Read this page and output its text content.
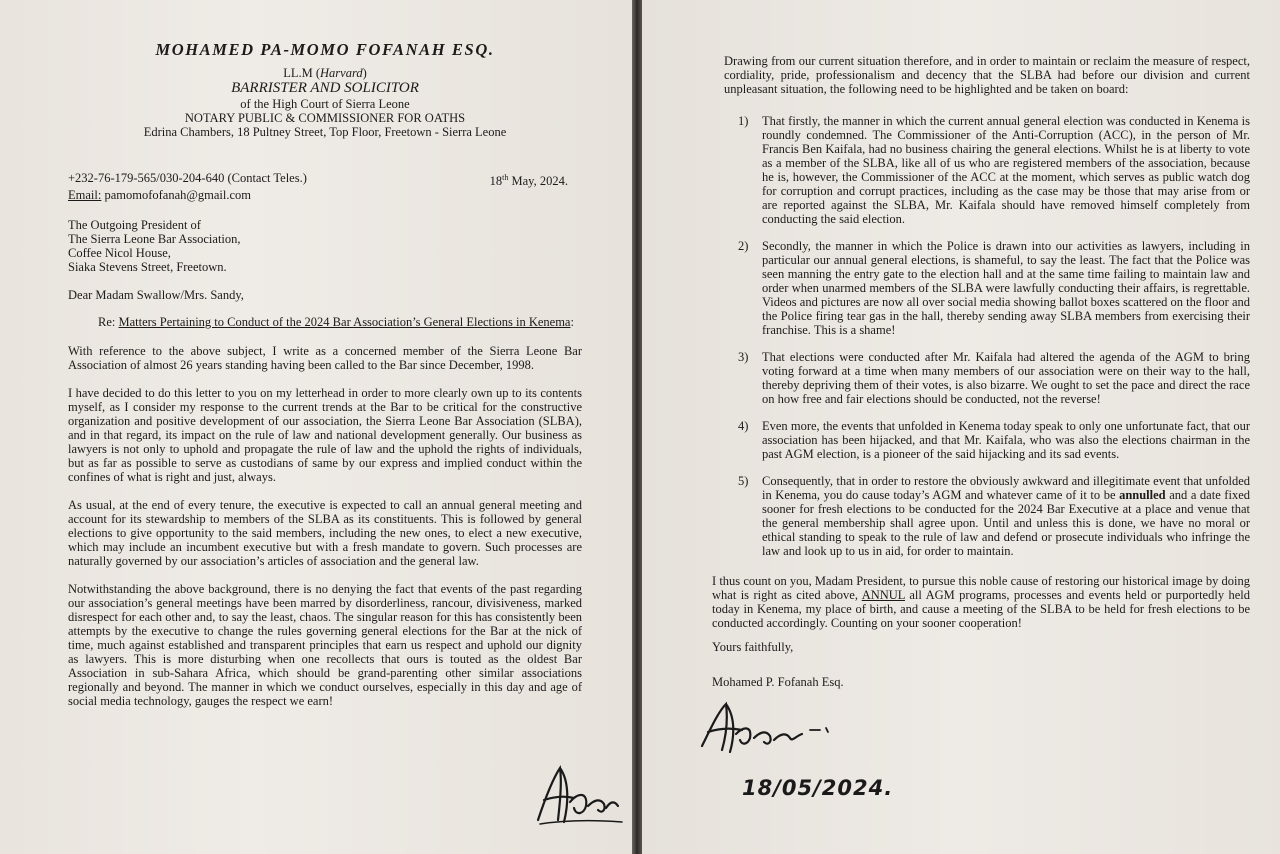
MOHAMED PA-MOMO FOFANAH ESQ.
LL.M (Harvard)
BARRISTER AND SOLICITOR
of the High Court of Sierra Leone
NOTARY PUBLIC & COMMISSIONER FOR OATHS
Edrina Chambers, 18 Pultney Street, Top Floor, Freetown - Sierra Leone
+232-76-179-565/030-204-640 (Contact Teles.)	18th May, 2024.
Email: pamomofofanah@gmail.com
The Outgoing President of
The Sierra Leone Bar Association,
Coffee Nicol House,
Siaka Stevens Street, Freetown.
Dear Madam Swallow/Mrs. Sandy,
Re: Matters Pertaining to Conduct of the 2024 Bar Association’s General Elections in Kenema:

With reference to the above subject, I write as a concerned member of the Sierra Leone Bar Association of almost 26 years standing having been called to the Bar since December, 1998.

I have decided to do this letter to you on my letterhead in order to more clearly own up to its contents myself, as I consider my response to the current trends at the Bar to be critical for the constructive organization and positive development of our association, the Sierra Leone Bar Association (SLBA), and in that regard, its impact on the rule of law and national development generally. Our business as lawyers is not only to uphold and propagate the rule of law and the uphold the rights of individuals, but as far as possible to serve as custodians of same by our express and implied conduct within the confines of what is right and just, always.

As usual, at the end of every tenure, the executive is expected to call an annual general meeting and account for its stewardship to members of the SLBA as its constituents. This is followed by general elections to give opportunity to the said members, including the new ones, to elect a new executive, which may include an incumbent executive but with a fresh mandate to govern. Such processes are naturally governed by our association’s articles of association and the general law.

Notwithstanding the above background, there is no denying the fact that events of the past regarding our association’s general meetings have been marred by disorderliness, rancour, divisiveness, marked disrespect for each other and, to say the least, chaos. The singular reason for this has consistently been attempts by the executive to change the rules governing general elections for the Bar at the nick of time, much against established and transparent principles that earn us respect and uphold our dignity as lawyers. This is more disturbing when one recollects that ours is touted as the oldest Bar Association in sub-Sahara Africa, which should be grand-parenting other similar associations regionally and beyond. The manner in which we conduct ourselves, especially in this day and age of social media technology, gauges the respect we earn!

Drawing from our current situation therefore, and in order to maintain or reclaim the measure of respect, cordiality, pride, professionalism and decency that the SLBA had before our division and current unpleasant situation, the following need to be highlighted and be taken on board:

1)	That firstly, the manner in which the current annual general election was conducted in Kenema is roundly condemned. The Commissioner of the Anti-Corruption (ACC), in the person of Mr. Francis Ben Kaifala, had no business chairing the general elections. Whilst he is at liberty to vote as a member of the SLBA, like all of us who are registered members of the association, because he is, however, the Commissioner of the ACC at the moment, which serves as public watch dog for corruption and corrupt practices, including as the case may be those that may arise from or are reported against the SLBA, Mr. Kaifala should have removed himself completely from conducting the said election.
2)	Secondly, the manner in which the Police is drawn into our activities as lawyers, including in particular our annual general elections, is shameful, to say the least. The fact that the Police was seen manning the entry gate to the election hall and at the same time failing to maintain law and order when unarmed members of the SLBA were lawfully conducting their affairs, is regrettable. Videos and pictures are now all over social media showing ballot boxes scattered on the floor and the Police firing tear gas in the hall, thereby sending away SLBA members from exercising their franchise. This is a shame!
3)	That elections were conducted after Mr. Kaifala had altered the agenda of the AGM to bring voting forward at a time when many members of our association were on their way to the hall, thereby depriving them of their votes, is also bizarre. We ought to set the pace and direct the race on how free and fair elections should be conducted, not the reverse!
4)	Even more, the events that unfolded in Kenema today speak to only one unfortunate fact, that our association has been hijacked, and that Mr. Kaifala, who was also the elections chairman in the past AGM election, is a pioneer of the said hijacking and its sad events.
5)	Consequently, that in order to restore the obviously awkward and illegitimate event that unfolded in Kenema, you do cause today’s AGM and whatever came of it to be annulled and a date fixed sooner for fresh elections to be conducted for the 2024 Bar Executive at a place and venue that the general membership shall agree upon. Until and unless this is done, we have no moral or ethical standing to speak to the rule of law and defend or prosecute individuals who infringe the law and look up to us in aid, for order to maintain.

I thus count on you, Madam President, to pursue this noble cause of restoring our historical image by doing what is right as cited above, ANNUL all AGM programs, processes and events held or purportedly held today in Kenema, my place of birth, and cause a meeting of the SLBA to be held for fresh elections to be conducted accordingly. Counting on your sooner cooperation!

Yours faithfully,
Mohamed P. Fofanah Esq.
18/05/2024.
